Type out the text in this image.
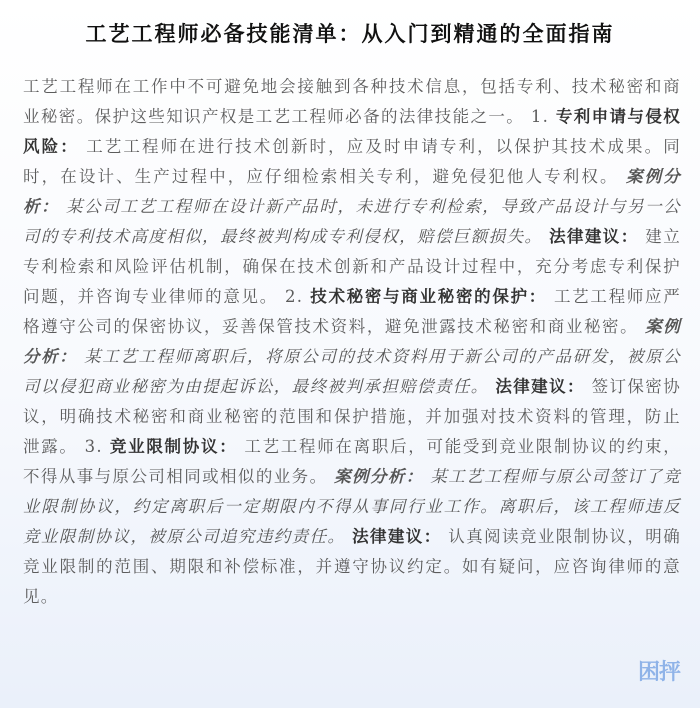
工艺工程师必备技能清单：从入门到精通的全面指南
工艺工程师在工作中不可避免地会接触到各种技术信息，包括专利、技术秘密和商业秘密。保护这些知识产权是工艺工程师必备的法律技能之一。 1. 专利申请与侵权风险： 工艺工程师在进行技术创新时，应及时申请专利，以保护其技术成果。同时，在设计、生产过程中，应仔细检索相关专利，避免侵犯他人专利权。 案例分析： 某公司工艺工程师在设计新产品时，未进行专利检索，导致产品设计与另一公司的专利技术高度相似，最终被判构成专利侵权，赔偿巨额损失。 法律建议： 建立专利检索和风险评估机制，确保在技术创新和产品设计过程中，充分考虑专利保护问题，并咨询专业律师的意见。 2. 技术秘密与商业秘密的保护： 工艺工程师应严格遵守公司的保密协议，妥善保管技术资料，避免泄露技术秘密和商业秘密。 案例分析： 某工艺工程师离职后，将原公司的技术资料用于新公司的产品研发，被原公司以侵犯商业秘密为由提起诉讼，最终被判承担赔偿责任。 法律建议： 签订保密协议，明确技术秘密和商业秘密的范围和保护措施，并加强对技术资料的管理，防止泄露。 3. 竞业限制协议： 工艺工程师在离职后，可能受到竞业限制协议的约束，不得从事与原公司相同或相似的业务。 案例分析： 某工艺工程师与原公司签订了竞业限制协议，约定离职后一定期限内不得从事同行业工作。离职后，该工程师违反竞业限制协议，被原公司追究违约责任。 法律建议： 认真阅读竞业限制协议，明确竞业限制的范围、期限和补偿标准，并遵守协议约定。如有疑问，应咨询律师的意见。
困抨
